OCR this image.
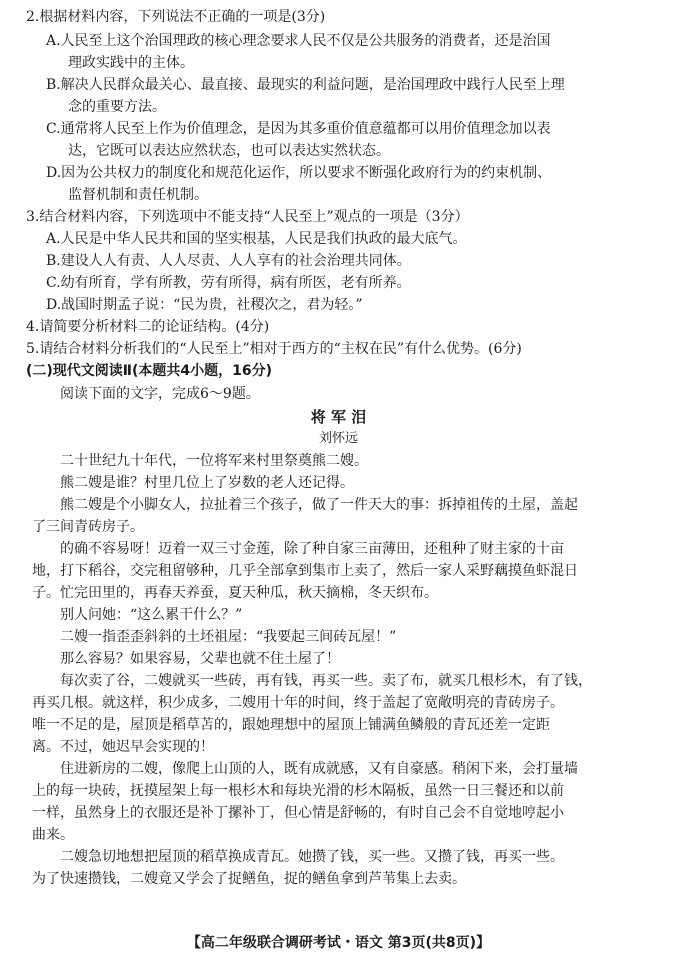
2.根据材料内容，下列说法不正确的一项是(3分)
A.人民至上这个治国理政的核心理念要求人民不仅是公共服务的消费者，还是治国
理政实践中的主体。
B.解决人民群众最关心、最直接、最现实的利益问题，是治国理政中践行人民至上理
念的重要方法。
C.通常将人民至上作为价值理念，是因为其多重价值意蕴都可以用价值理念加以表
达，它既可以表达应然状态，也可以表达实然状态。
D.因为公共权力的制度化和规范化运作，所以要求不断强化政府行为的约束机制、
监督机制和责任机制。
3.结合材料内容，下列选项中不能支持“人民至上”观点的一项是（3分）
A.人民是中华人民共和国的坚实根基，人民是我们执政的最大底气。
B.建设人人有责、人人尽责、人人享有的社会治理共同体。
C.幼有所育，学有所教，劳有所得，病有所医，老有所养。
D.战国时期孟子说：“民为贵，社稷次之，君为轻。”
4.请简要分析材料二的论证结构。(4分)
5.请结合材料分析我们的“人民至上”相对于西方的“主权在民”有什么优势。(6分)
(二)现代文阅读Ⅱ(本题共4小题，16分)
阅读下面的文字，完成6～9题。
将 军 泪
刘怀远
二十世纪九十年代，一位将军来村里祭奠熊二嫂。
熊二嫂是谁？村里几位上了岁数的老人还记得。
熊二嫂是个小脚女人，拉扯着三个孩子，做了一件天大的事：拆掉祖传的土屋，盖起
了三间青砖房子。
的确不容易呀！迈着一双三寸金莲，除了种自家三亩薄田，还租种了财主家的十亩
地，打下稻谷，交完租留够种，几乎全部拿到集市上卖了，然后一家人采野藕摸鱼虾混日
子。忙完田里的，再春天养蚕，夏天种瓜，秋天摘棉，冬天织布。
别人问她：“这么累干什么？”
二嫂一指歪歪斜斜的土坯祖屋：“我要起三间砖瓦屋！”
那么容易？如果容易，父辈也就不住土屋了！
每次卖了谷，二嫂就买一些砖，再有钱，再买一些。卖了布，就买几根杉木，有了钱，
再买几根。就这样，积少成多，二嫂用十年的时间，终于盖起了宽敞明亮的青砖房子。
唯一不足的是，屋顶是稻草苫的，跟她理想中的屋顶上铺满鱼鳞般的青瓦还差一定距
离。不过，她迟早会实现的！
住进新房的二嫂，像爬上山顶的人，既有成就感，又有自豪感。稍闲下来，会打量墙
上的每一块砖，抚摸屋架上每一根杉木和每块光滑的杉木隔板，虽然一日三餐还和以前
一样，虽然身上的衣服还是补丁摞补丁，但心情是舒畅的，有时自己会不自觉地哼起小
曲来。
二嫂急切地想把屋顶的稻草换成青瓦。她攒了钱，买一些。又攒了钱，再买一些。
为了快速攒钱，二嫂竟又学会了捉鳝鱼，捉的鳝鱼拿到芦苇集上去卖。
【高二年级联合调研考试・语文 第3页(共8页)】
